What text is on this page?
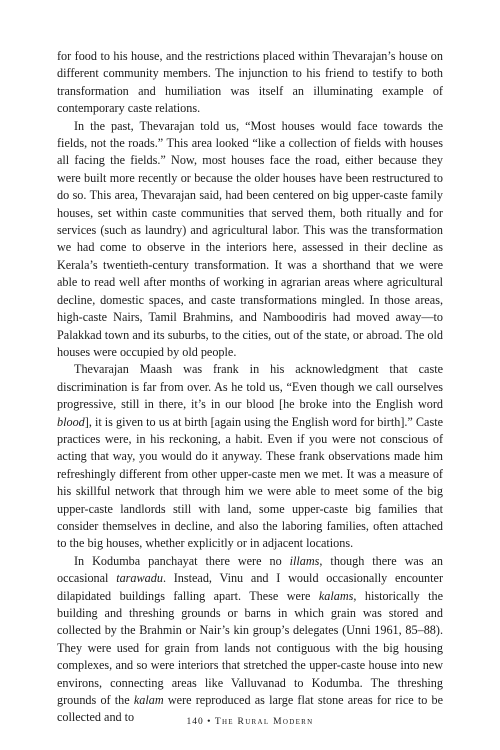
for food to his house, and the restrictions placed within Thevarajan’s house on different community members. The injunction to his friend to testify to both transformation and humiliation was itself an illuminating example of contemporary caste relations.

In the past, Thevarajan told us, “Most houses would face towards the fields, not the roads.” This area looked “like a collection of fields with houses all facing the fields.” Now, most houses face the road, either because they were built more recently or because the older houses have been restructured to do so. This area, Thevarajan said, had been centered on big upper-caste family houses, set within caste communities that served them, both ritually and for services (such as laundry) and agricultural labor. This was the transformation we had come to observe in the interiors here, assessed in their decline as Kerala’s twentieth-century transformation. It was a shorthand that we were able to read well after months of working in agrarian areas where agricultural decline, domestic spaces, and caste transformations mingled. In those areas, high-caste Nairs, Tamil Brahmins, and Namboodiris had moved away—to Palakkad town and its suburbs, to the cities, out of the state, or abroad. The old houses were occupied by old people.

Thevarajan Maash was frank in his acknowledgment that caste discrimination is far from over. As he told us, “Even though we call ourselves progressive, still in there, it’s in our blood [he broke into the English word blood], it is given to us at birth [again using the English word for birth].” Caste practices were, in his reckoning, a habit. Even if you were not conscious of acting that way, you would do it anyway. These frank observations made him refreshingly different from other upper-caste men we met. It was a measure of his skillful network that through him we were able to meet some of the big upper-caste landlords still with land, some upper-caste big families that consider themselves in decline, and also the laboring families, often attached to the big houses, whether explicitly or in adjacent locations.

In Kodumba panchayat there were no illams, though there was an occasional tarawadu. Instead, Vinu and I would occasionally encounter dilapidated buildings falling apart. These were kalams, historically the building and threshing grounds or barns in which grain was stored and collected by the Brahmin or Nair’s kin group’s delegates (Unni 1961, 85–88). They were used for grain from lands not contiguous with the big housing complexes, and so were interiors that stretched the upper-caste house into new environs, connecting areas like Valluvanad to Kodumba. The threshing grounds of the kalam were reproduced as large flat stone areas for rice to be collected and to	140 • The Rural Modern
